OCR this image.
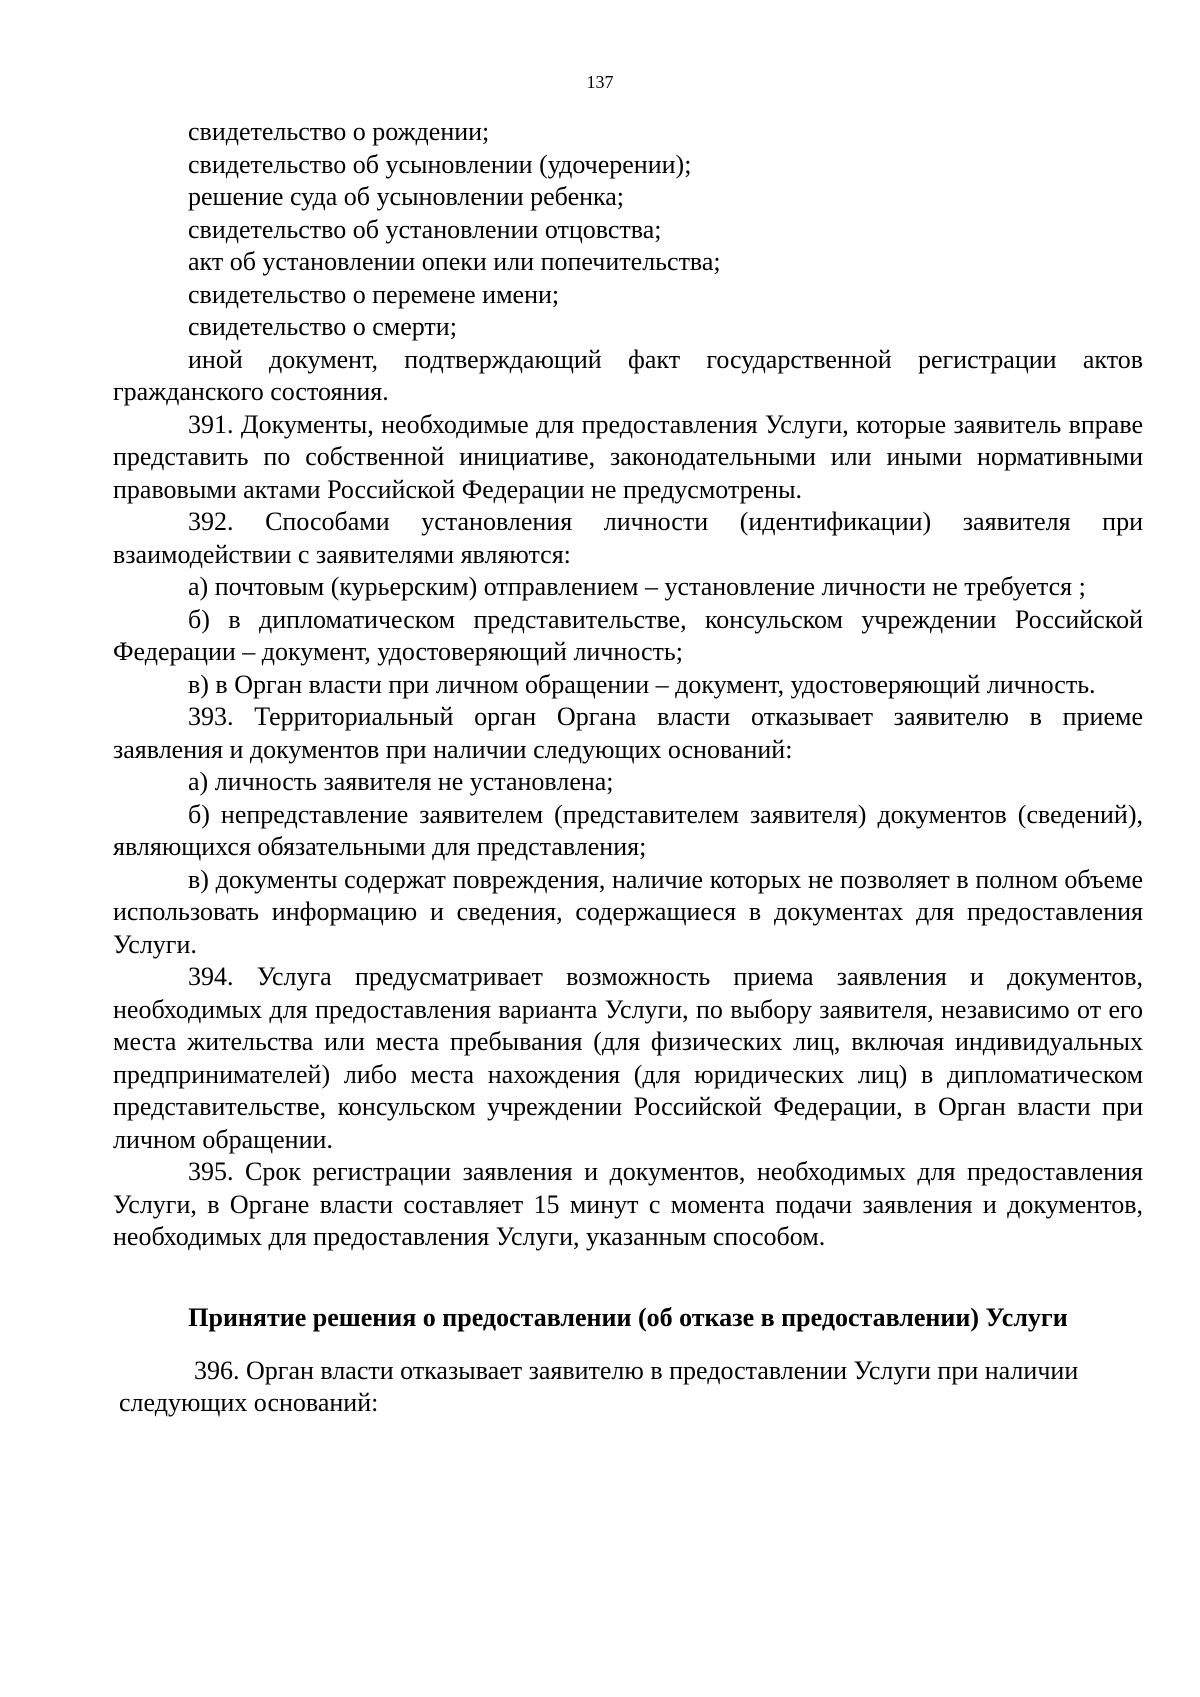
137

свидетельство о рождении;

свидетельство об усыновлении (удочерении);

решение суда об усыновлении ребенка;

свидетельство об установлении отцовства;

акт об установлении опеки или попечительства;

свидетельство о перемене имени;

свидетельство о смерти;

иной документ, подтверждающий факт государственной регистрации актов гражданского состояния.

391. Документы, необходимые для предоставления Услуги, которые заявитель вправе представить по собственной инициативе, законодательными или иными нормативными правовыми актами Российской Федерации не предусмотрены.

392. Способами установления личности (идентификации) заявителя при взаимодействии с заявителями являются:

а) почтовым (курьерским) отправлением – установление личности не требуется ;

б) в дипломатическом представительстве, консульском учреждении Российской Федерации – документ, удостоверяющий личность;

в) в Орган власти при личном обращении – документ, удостоверяющий личность.

393. Территориальный орган Органа власти отказывает заявителю в приеме заявления и документов при наличии следующих оснований:

а) личность заявителя не установлена;

б) непредставление заявителем (представителем заявителя) документов (сведений), являющихся обязательными для представления;

в) документы содержат повреждения, наличие которых не позволяет в полном объеме использовать информацию и сведения, содержащиеся в документах для предоставления Услуги.

394. Услуга предусматривает возможность приема заявления и документов, необходимых для предоставления варианта Услуги, по выбору заявителя, независимо от его места жительства или места пребывания (для физических лиц, включая индивидуальных предпринимателей) либо места нахождения (для юридических лиц) в дипломатическом представительстве, консульском учреждении Российской Федерации, в Орган власти при личном обращении.

395. Срок регистрации заявления и документов, необходимых для предоставления Услуги, в Органе власти составляет 15 минут с момента подачи заявления и документов, необходимых для предоставления Услуги, указанным способом.

Принятие решения о предоставлении (об отказе в предоставлении) Услуги

396. Орган власти отказывает заявителю в предоставлении Услуги при наличии следующих оснований:
